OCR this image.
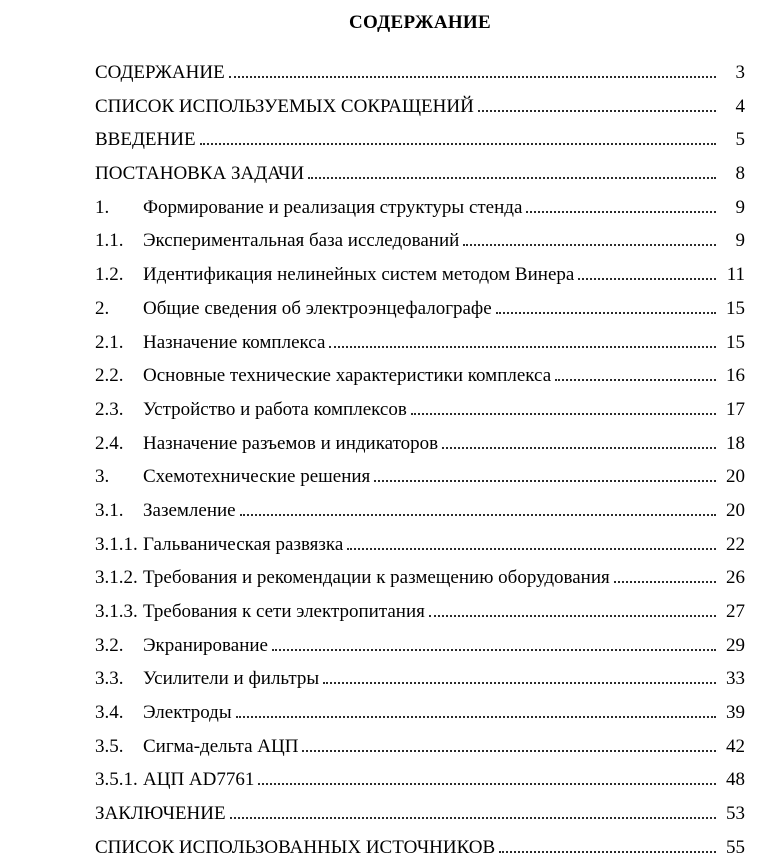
СОДЕРЖАНИЕ
СОДЕРЖАНИЕ	3
СПИСОК ИСПОЛЬЗУЕМЫХ СОКРАЩЕНИЙ	4
ВВЕДЕНИЕ	5
ПОСТАНОВКА ЗАДАЧИ	8
1.	Формирование и реализация структуры стенда	9
1.1.	Экспериментальная база исследований	9
1.2.	Идентификация нелинейных систем методом Винера	11
2.	Общие сведения об электроэнцефалографе	15
2.1.	Назначение комплекса	15
2.2.	Основные технические характеристики комплекса	16
2.3.	Устройство и работа комплексов	17
2.4.	Назначение разъемов и индикаторов	18
3.	Схемотехнические решения	20
3.1.	Заземление	20
3.1.1. Гальваническая развязка	22
3.1.2. Требования и рекомендации к размещению оборудования	26
3.1.3. Требования к сети электропитания	27
3.2.	Экранирование	29
3.3.	Усилители и фильтры	33
3.4.	Электроды	39
3.5.	Сигма-дельта АЦП	42
3.5.1. АЦП AD7761	48
ЗАКЛЮЧЕНИЕ	53
СПИСОК ИСПОЛЬЗОВАННЫХ ИСТОЧНИКОВ	55
